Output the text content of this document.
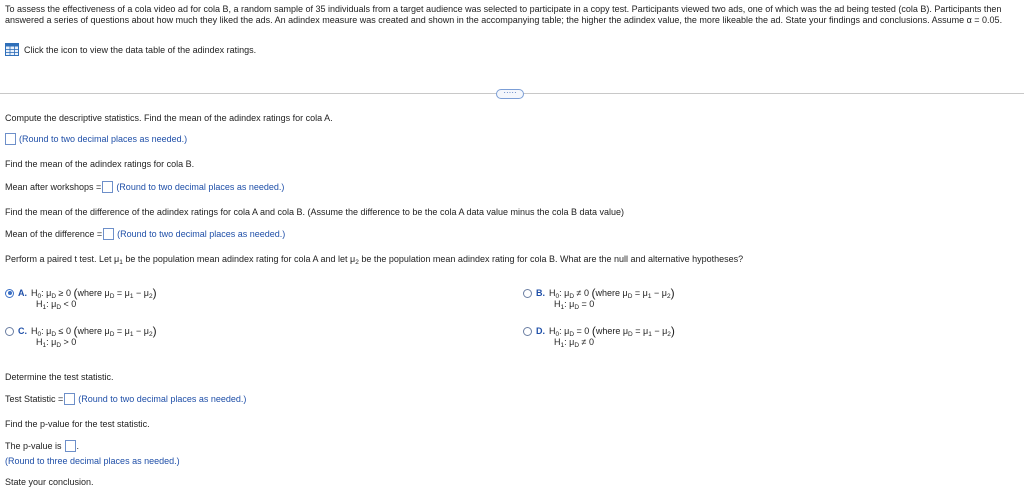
To assess the effectiveness of a cola video ad for cola B, a random sample of 35 individuals from a target audience was selected to participate in a copy test. Participants viewed two ads, one of which was the ad being tested (cola B). Participants then answered a series of questions about how much they liked the ads. An adindex measure was created and shown in the accompanying table; the higher the adindex value, the more likeable the ad. State your findings and conclusions. Assume α = 0.05.
Click the icon to view the data table of the adindex ratings.
·····
Compute the descriptive statistics. Find the mean of the adindex ratings for cola A.
(Round to two decimal places as needed.)
Find the mean of the adindex ratings for cola B.
Mean after workshops = (Round to two decimal places as needed.)
Find the mean of the difference of the adindex ratings for cola A and cola B. (Assume the difference to be the cola A data value minus the cola B data value)
Mean of the difference = (Round to two decimal places as needed.)
Perform a paired t test. Let $\mu_1$ be the population mean adindex rating for cola A and let $\mu_2$ be the population mean adindex rating for cola B. What are the null and alternative hypotheses?
A. $H_0$: $\mu_D \ge 0$ (where $\mu_D = \mu_1 - \mu_2$)
$H_1$: $\mu_D < 0$
B. $H_0$: $\mu_D \ne 0$ (where $\mu_D = \mu_1 - \mu_2$)
$H_1$: $\mu_D = 0$
C. $H_0$: $\mu_D \le 0$ (where $\mu_D = \mu_1 - \mu_2$)
$H_1$: $\mu_D > 0$
D. $H_0$: $\mu_D = 0$ (where $\mu_D = \mu_1 - \mu_2$)
$H_1$: $\mu_D \ne 0$
Determine the test statistic.
Test Statistic = (Round to two decimal places as needed.)
Find the p-value for the test statistic.
The p-value is .
(Round to three decimal places as needed.)
State your conclusion.
